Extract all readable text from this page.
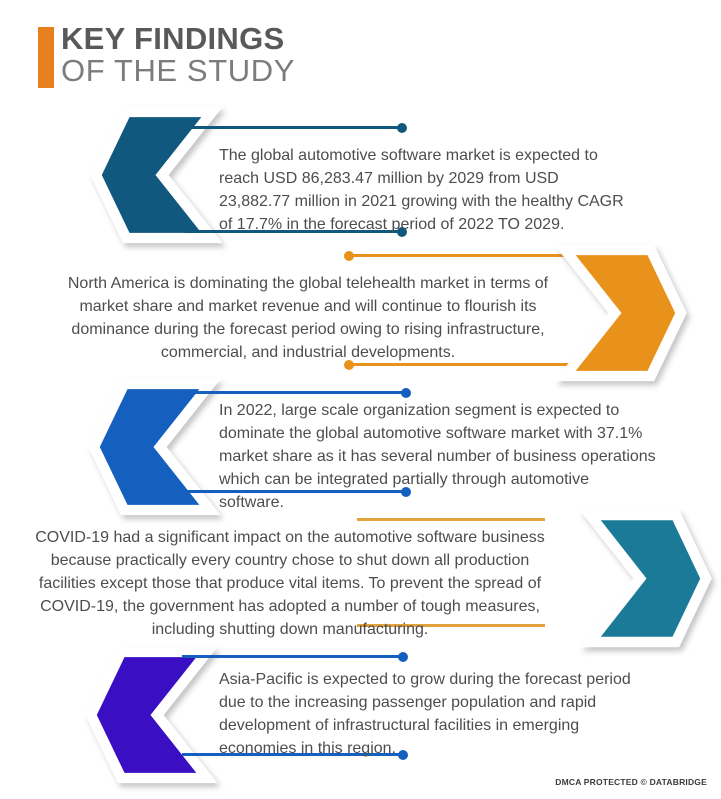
KEY FINDINGS
OF THE STUDY

The global automotive software market is expected to reach USD 86,283.47 million by 2029 from USD 23,882.77 million in 2021 growing with the healthy CAGR of 17.7% in the forecast period of 2022 TO 2029.

North America is dominating the global telehealth market in terms of market share and market revenue and will continue to flourish its dominance during the forecast period owing to rising infrastructure, commercial, and industrial developments.

In 2022, large scale organization segment is expected to dominate the global automotive software market with 37.1% market share as it has several number of business operations which can be integrated partially through automotive software.

COVID-19 had a significant impact on the automotive software business because practically every country chose to shut down all production facilities except those that produce vital items. To prevent the spread of COVID-19, the government has adopted a number of tough measures, including shutting down manufacturing.

Asia-Pacific is expected to grow during the forecast period due to the increasing passenger population and rapid development of infrastructural facilities in emerging economies in this region.

DMCA PROTECTED © DATABRIDGE
